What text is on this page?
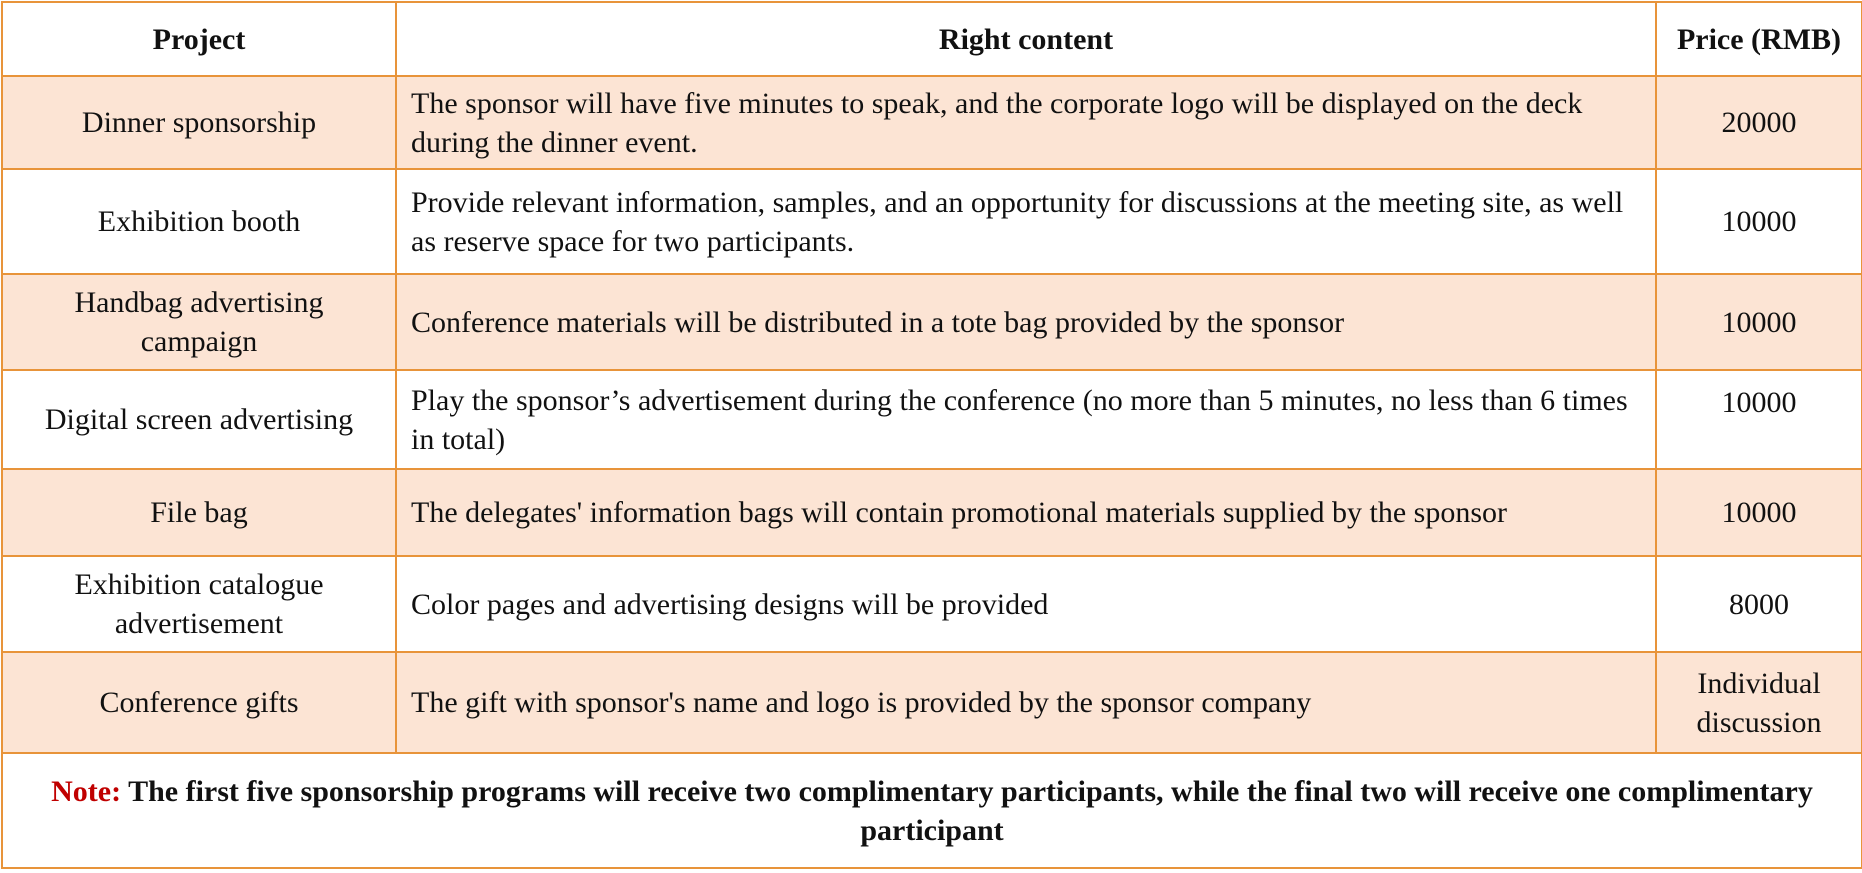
Project	Right content	Price (RMB)
Dinner sponsorship	The sponsor will have five minutes to speak, and the corporate logo will be displayed on the deck during the dinner event.	20000
Exhibition booth	Provide relevant information, samples, and an opportunity for discussions at the meeting site, as well as reserve space for two participants.	10000
Handbag advertising campaign	Conference materials will be distributed in a tote bag provided by the sponsor	10000
Digital screen advertising	Play the sponsor’s advertisement during the conference (no more than 5 minutes, no less than 6 times in total)	10000
File bag	The delegates' information bags will contain promotional materials supplied by the sponsor	10000
Exhibition catalogue advertisement	Color pages and advertising designs will be provided	8000
Conference gifts	The gift with sponsor's name and logo is provided by the sponsor company	Individual discussion
Note: The first five sponsorship programs will receive two complimentary participants, while the final two will receive one complimentary participant		
